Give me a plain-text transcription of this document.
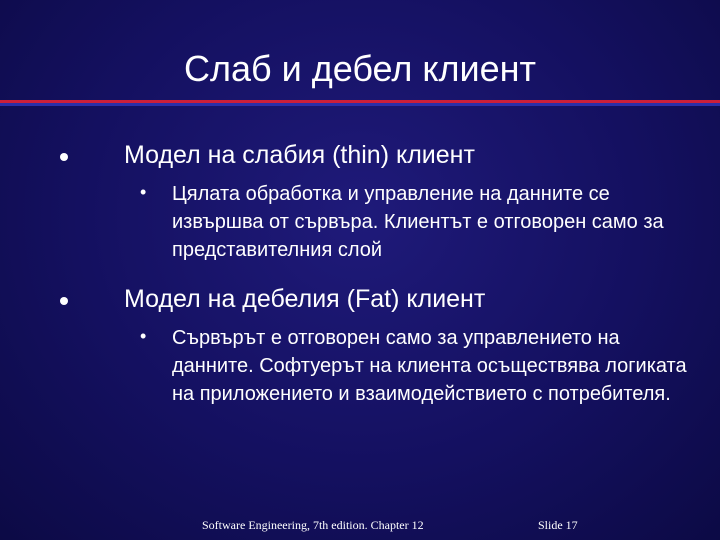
Слаб и дебел клиент
Модел на слабия (thin) клиент
• Цялата обработка и управление на данните се извършва от сървъра. Клиентът е отговорен само за представителния слой
Модел на дебелия (Fat) клиент
• Сървърът е отговорен само за управлението на данните. Софтуерът на клиента осъществява логиката на приложението и взаимодействието с потребителя.
Software Engineering, 7th edition. Chapter 12	Slide 17
